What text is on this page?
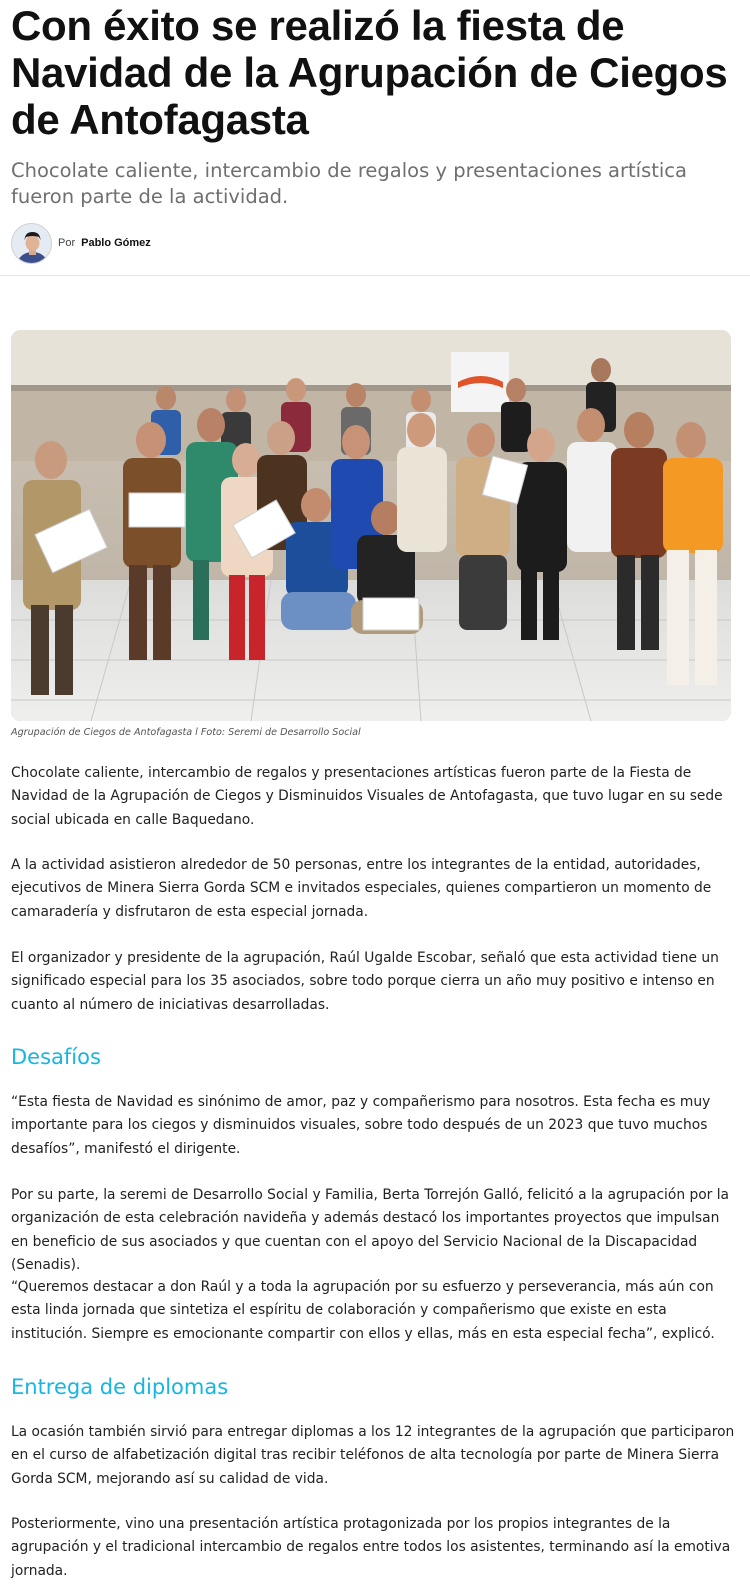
Con éxito se realizó la fiesta de Navidad de la Agrupación de Ciegos de Antofagasta

Chocolate caliente, intercambio de regalos y presentaciones artística fueron parte de la actividad.

Por Pablo Gómez
Agrupación de Ciegos de Antofagasta l Foto: Seremi de Desarrollo Social

Chocolate caliente, intercambio de regalos y presentaciones artísticas fueron parte de la Fiesta de Navidad de la Agrupación de Ciegos y Disminuidos Visuales de Antofagasta, que tuvo lugar en su sede social ubicada en calle Baquedano.

A la actividad asistieron alrededor de 50 personas, entre los integrantes de la entidad, autoridades, ejecutivos de Minera Sierra Gorda SCM e invitados especiales, quienes compartieron un momento de camaradería y disfrutaron de esta especial jornada.

El organizador y presidente de la agrupación, Raúl Ugalde Escobar, señaló que esta actividad tiene un significado especial para los 35 asociados, sobre todo porque cierra un año muy positivo e intenso en cuanto al número de iniciativas desarrolladas.

Desafíos

“Esta fiesta de Navidad es sinónimo de amor, paz y compañerismo para nosotros. Esta fecha es muy importante para los ciegos y disminuidos visuales, sobre todo después de un 2023 que tuvo muchos desafíos”, manifestó el dirigente.

Por su parte, la seremi de Desarrollo Social y Familia, Berta Torrejón Galló, felicitó a la agrupación por la organización de esta celebración navideña y además destacó los importantes proyectos que impulsan en beneficio de sus asociados y que cuentan con el apoyo del Servicio Nacional de la Discapacidad (Senadis).

“Queremos destacar a don Raúl y a toda la agrupación por su esfuerzo y perseverancia, más aún con esta linda jornada que sintetiza el espíritu de colaboración y compañerismo que existe en esta institución. Siempre es emocionante compartir con ellos y ellas, más en esta especial fecha”, explicó.

Entrega de diplomas

La ocasión también sirvió para entregar diplomas a los 12 integrantes de la agrupación que participaron en el curso de alfabetización digital tras recibir teléfonos de alta tecnología por parte de Minera Sierra Gorda SCM, mejorando así su calidad de vida.

Posteriormente, vino una presentación artística protagonizada por los propios integrantes de la agrupación y el tradicional intercambio de regalos entre todos los asistentes, terminando así la emotiva jornada.
